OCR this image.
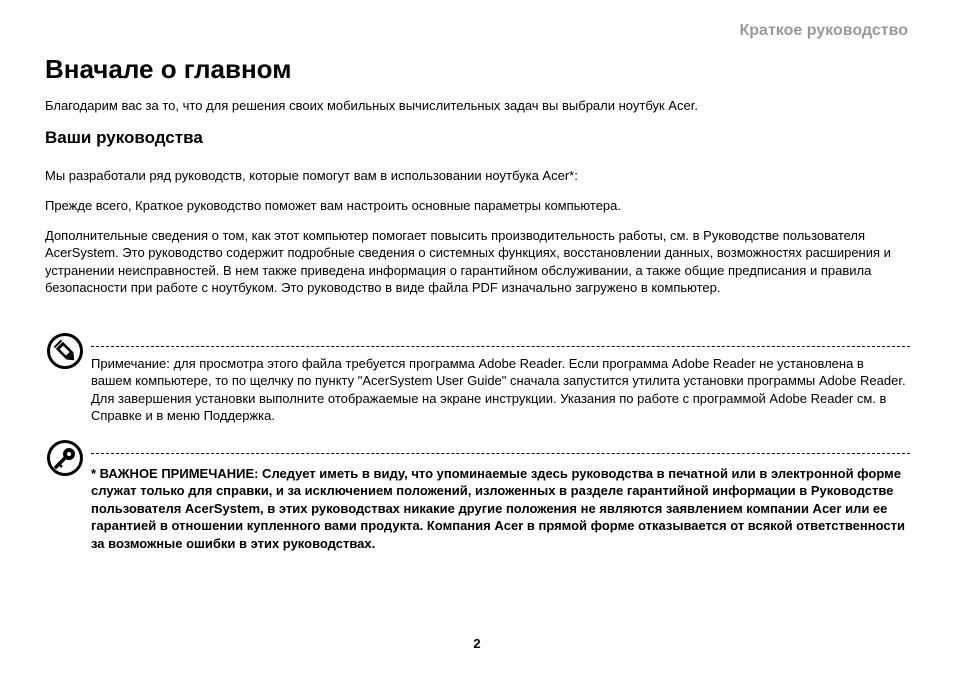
Краткое руководство
Вначале о главном

Благодарим вас за то, что для решения своих мобильных вычислительных задач вы выбрали ноутбук Acer.

Ваши руководства

Мы разработали ряд руководств, которые помогут вам в использовании ноутбука Acer*:

Прежде всего, Краткое руководство поможет вам настроить основные параметры компьютера.

Дополнительные сведения о том, как этот компьютер помогает повысить производительность работы, см. в Руководстве пользователя AcerSystem. Это руководство содержит подробные сведения о системных функциях, восстановлении данных, возможностях расширения и устранении неисправностей. В нем также приведена информация о гарантийном обслуживании, а также общие предписания и правила безопасности при работе с ноутбуком. Это руководство в виде файла PDF изначально загружено в компьютер.

Примечание: для просмотра этого файла требуется программа Adobe Reader. Если программа Adobe Reader не установлена в вашем компьютере, то по щелчку по пункту "AcerSystem User Guide" сначала запустится утилита установки программы Adobe Reader. Для завершения установки выполните отображаемые на экране инструкции. Указания по работе с программой Adobe Reader см. в Справке и в меню Поддержка.

* ВАЖНОЕ ПРИМЕЧАНИЕ: Следует иметь в виду, что упоминаемые здесь руководства в печатной или в электронной форме служат только для справки, и за исключением положений, изложенных в разделе гарантийной информации в Руководстве пользователя AcerSystem, в этих руководствах никакие другие положения не являются заявлением компании Acer или ее гарантией в отношении купленного вами продукта. Компания Acer в прямой форме отказывается от всякой ответственности за возможные ошибки в этих руководствах.

2
